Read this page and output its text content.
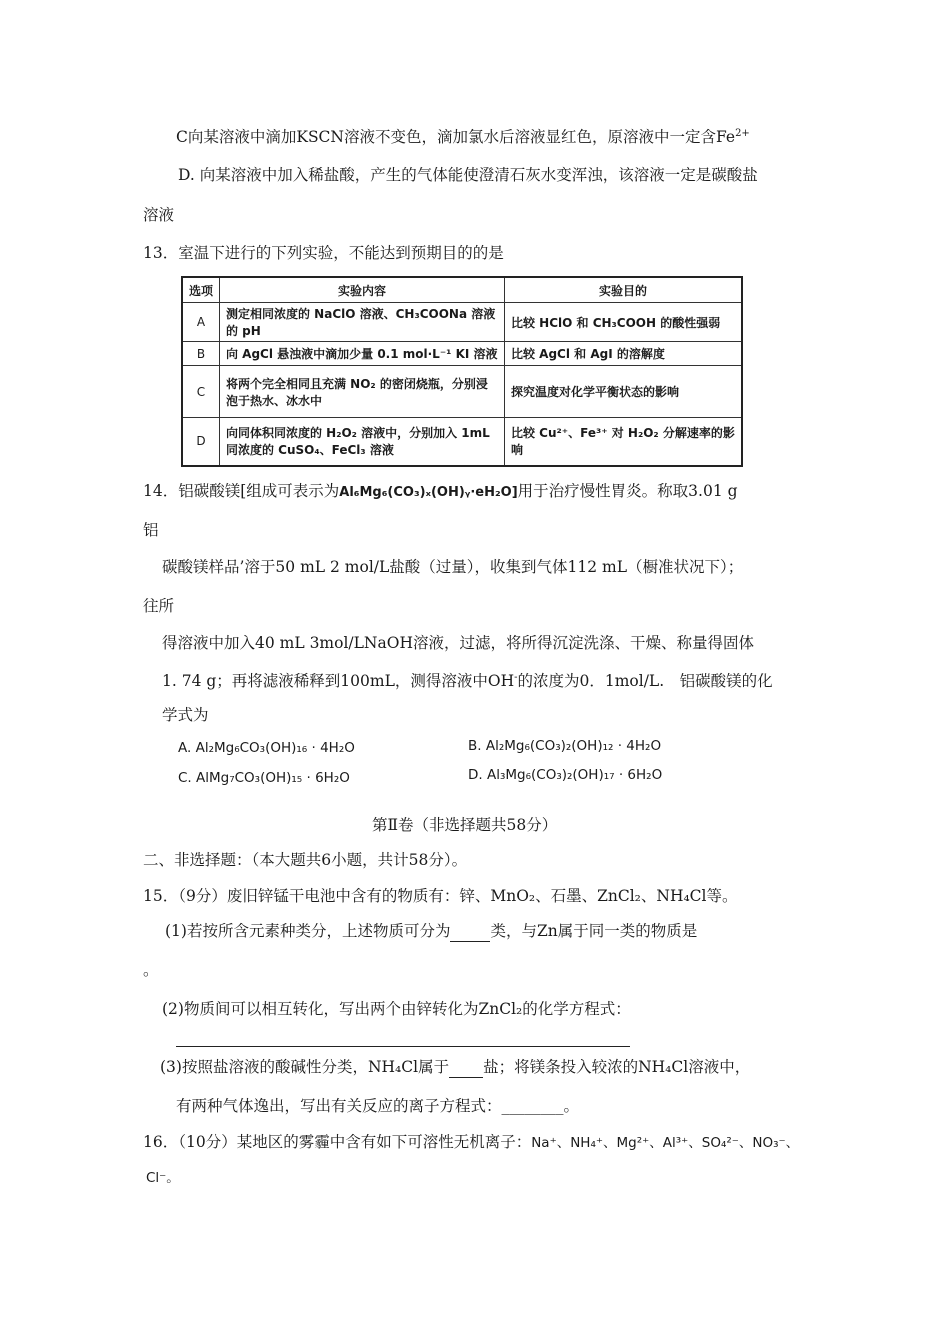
C向某溶液中滴加KSCN溶液不变色，滴加氯水后溶液显红色，原溶液中一定含$Fe^{2+}$
D. 向某溶液中加入稀盐酸，产生的气体能使澄清石灰水变浑浊，该溶液一定是碳酸盐
溶液
13．室温下进行的下列实验，不能达到预期目的的是
选项	实验内容	实验目的
A	测定相同浓度的 NaClO 溶液、CH₃COONa 溶液的 pH	比较 HClO 和 CH₃COOH 的酸性强弱
B	向 AgCl 悬浊液中滴加少量 0.1 mol·L⁻¹ KI 溶液	比较 AgCl 和 AgI 的溶解度
C	将两个完全相同且充满 NO₂ 的密闭烧瓶，分别浸泡于热水、冰水中	探究温度对化学平衡状态的影响
D	向同体积同浓度的 H₂O₂ 溶液中，分别加入 1mL 同浓度的 CuSO₄、FeCl₃ 溶液	比较 Cu²⁺、Fe³⁺ 对 H₂O₂ 分解速率的影响
14．铝碳酸镁[组成可表示为Al₆Mg₆(CO₃)ₓ(OH)ᵧ·eH₂O]用于治疗慢性胃炎。称取3.01 g
铝
碳酸镁样品’溶于50 mL 2 mol/L盐酸（过量），收集到气体112 mL（橱准状况下）；
往所
得溶液中加入40 mL 3mol/LNaOH溶液，过滤，将所得沉淀洗涤、干燥、称量得固体
1. 74 g；再将滤液稀释到100mL，测得溶液中OH-的浓度为0．1mol/L.　铝碳酸镁的化
学式为
A. Al₂Mg₆CO₃(OH)₁₆ · 4H₂O	B. Al₂Mg₆(CO₃)₂(OH)₁₂ · 4H₂O
C. AlMg₇CO₃(OH)₁₅ · 6H₂O	D. Al₃Mg₆(CO₃)₂(OH)₁₇ · 6H₂O
第Ⅱ卷（非选择题共58分）
二、非选择题：（本大题共6小题，共计58分）。
15．（9分）废旧锌锰干电池中含有的物质有：锌、MnO₂、石墨、ZnCl₂、NH₄Cl等。
(1)若按所含元素种类分，上述物质可分为	类，与Zn属于同一类的物质是
。
(2)物质间可以相互转化，写出两个由锌转化为ZnCl₂的化学方程式：
(3)按照盐溶液的酸碱性分类，NH₄Cl属于 盐；将镁条投入较浓的NH₄Cl溶液中，
有两种气体逸出，写出有关反应的离子方程式：________。
16．（10分）某地区的雾霾中含有如下可溶性无机离子：Na⁺、NH₄⁺、Mg²⁺、Al³⁺、SO₄²⁻、NO₃⁻、
Cl⁻。
